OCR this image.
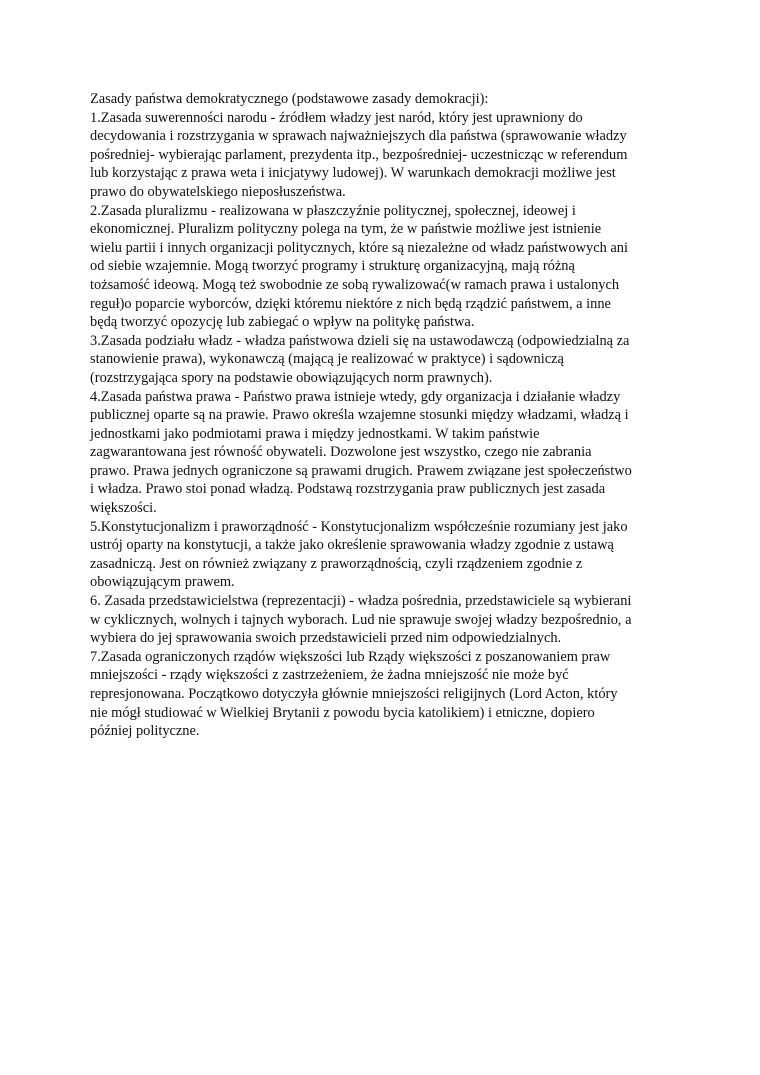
Zasady państwa demokratycznego (podstawowe zasady demokracji):
1.Zasada suwerenności narodu - źródłem władzy jest naród, który jest uprawniony do
decydowania i rozstrzygania w sprawach najważniejszych dla państwa (sprawowanie władzy
pośredniej- wybierając parlament, prezydenta itp., bezpośredniej- uczestnicząc w referendum
lub korzystając z prawa weta i inicjatywy ludowej). W warunkach demokracji możliwe jest
prawo do obywatelskiego nieposłuszeństwa.
2.Zasada pluralizmu - realizowana w płaszczyźnie politycznej, społecznej, ideowej i
ekonomicznej. Pluralizm polityczny polega na tym, że w państwie możliwe jest istnienie
wielu partii i innych organizacji politycznych, które są niezależne od władz państwowych ani
od siebie wzajemnie. Mogą tworzyć programy i strukturę organizacyjną, mają różną
tożsamość ideową. Mogą też swobodnie ze sobą rywalizować(w ramach prawa i ustalonych
reguł)o poparcie wyborców, dzięki któremu niektóre z nich będą rządzić państwem, a inne
będą tworzyć opozycję lub zabiegać o wpływ na politykę państwa.
3.Zasada podziału władz - władza państwowa dzieli się na ustawodawczą (odpowiedzialną za
stanowienie prawa), wykonawczą (mającą je realizować w praktyce) i sądowniczą
(rozstrzygająca spory na podstawie obowiązujących norm prawnych).
4.Zasada państwa prawa - Państwo prawa istnieje wtedy, gdy organizacja i działanie władzy
publicznej oparte są na prawie. Prawo określa wzajemne stosunki między władzami, władzą i
jednostkami jako podmiotami prawa i między jednostkami. W takim państwie
zagwarantowana jest równość obywateli. Dozwolone jest wszystko, czego nie zabrania
prawo. Prawa jednych ograniczone są prawami drugich. Prawem związane jest społeczeństwo
i władza. Prawo stoi ponad władzą. Podstawą rozstrzygania praw publicznych jest zasada
większości.
5.Konstytucjonalizm i praworządność - Konstytucjonalizm współcześnie rozumiany jest jako
ustrój oparty na konstytucji, a także jako określenie sprawowania władzy zgodnie z ustawą
zasadniczą. Jest on również związany z praworządnością, czyli rządzeniem zgodnie z
obowiązującym prawem.
6. Zasada przedstawicielstwa (reprezentacji) - władza pośrednia, przedstawiciele są wybierani
w cyklicznych, wolnych i tajnych wyborach. Lud nie sprawuje swojej władzy bezpośrednio, a
wybiera do jej sprawowania swoich przedstawicieli przed nim odpowiedzialnych.
7.Zasada ograniczonych rządów większości lub Rządy większości z poszanowaniem praw
mniejszości - rządy większości z zastrzeżeniem, że żadna mniejszość nie może być
represjonowana. Początkowo dotyczyła głównie mniejszości religijnych (Lord Acton, który
nie mógł studiować w Wielkiej Brytanii z powodu bycia katolikiem) i etniczne, dopiero
później polityczne.
